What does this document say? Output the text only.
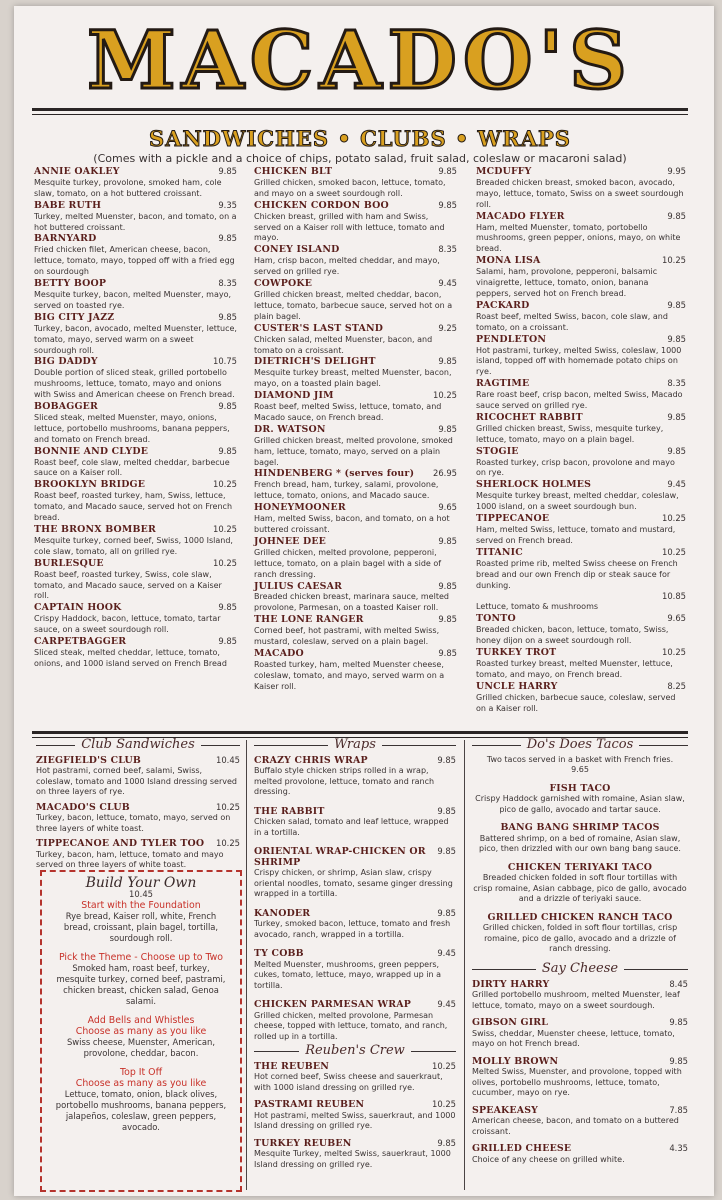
MACADO'S
SANDWICHES • CLUBS • WRAPS
(Comes with a pickle and a choice of chips, potato salad, fruit salad, coleslaw or macaroni salad)
ANNIE OAKLEY	9.85
Mesquite turkey, provolone, smoked ham, cole slaw, tomato, on a hot buttered croissant.
BABE RUTH	9.35
Turkey, melted Muenster, bacon, and tomato, on a hot buttered croissant.
BARNYARD	9.85
Fried chicken filet, American cheese, bacon, lettuce, tomato, mayo, topped off with a fried egg on sourdough
BETTY BOOP	8.35
Mesquite turkey, bacon, melted Muenster, mayo, served on toasted rye.
BIG CITY JAZZ	9.85
Turkey, bacon, avocado, melted Muenster, lettuce, tomato, mayo, served warm on a sweet sourdough roll.
BIG DADDY	10.75
Double portion of sliced steak, grilled portobello mushrooms, lettuce, tomato, mayo and onions with Swiss and American cheese on French bread.
BOBAGGER	9.85
Sliced steak, melted Muenster, mayo, onions, lettuce, portobello mushrooms, banana peppers, and tomato on French bread.
BONNIE AND CLYDE	9.85
Roast beef, cole slaw, melted cheddar, barbecue sauce on a Kaiser roll.
BROOKLYN BRIDGE	10.25
Roast beef, roasted turkey, ham, Swiss, lettuce, tomato, and Macado sauce, served hot on French bread.
THE BRONX BOMBER	10.25
Mesquite turkey, corned beef, Swiss, 1000 Island, cole slaw, tomato, all on grilled rye.
BURLESQUE	10.25
Roast beef, roasted turkey, Swiss, cole slaw, tomato, and Macado sauce, served on a Kaiser roll.
CAPTAIN HOOK	9.85
Crispy Haddock, bacon, lettuce, tomato, tartar sauce, on a sweet sourdough roll.
CARPETBAGGER	9.85
Sliced steak, melted cheddar, lettuce, tomato, onions, and 1000 island served on French Bread
CHICKEN BLT	9.85
Grilled chicken, smoked bacon, lettuce, tomato, and mayo on a sweet sourdough roll.
CHICKEN CORDON BOO	9.85
Chicken breast, grilled with ham and Swiss, served on a Kaiser roll with lettuce, tomato and mayo.
CONEY ISLAND	8.35
Ham, crisp bacon, melted cheddar, and mayo, served on grilled rye.
COWPOKE	9.45
Grilled chicken breast, melted cheddar, bacon, lettuce, tomato, barbecue sauce, served hot on a plain bagel.
CUSTER'S LAST STAND	9.25
Chicken salad, melted Muenster, bacon, and tomato on a croissant.
DIETRICH'S DELIGHT	9.85
Mesquite turkey breast, melted Muenster, bacon, mayo, on a toasted plain bagel.
DIAMOND JIM	10.25
Roast beef, melted Swiss, lettuce, tomato, and Macado sauce, on French bread.
DR. WATSON	9.85
Grilled chicken breast, melted provolone, smoked ham, lettuce, tomato, mayo, served on a plain bagel.
HINDENBERG * (serves four) 26.95
French bread, ham, turkey, salami, provolone, lettuce, tomato, onions, and Macado sauce.
HONEYMOONER	9.65
Ham, melted Swiss, bacon, and tomato, on a hot buttered croissant.
JOHNEE DEE	9.85
Grilled chicken, melted provolone, pepperoni, lettuce, tomato, on a plain bagel with a side of ranch dressing.
JULIUS CAESAR	9.85
Breaded chicken breast, marinara sauce, melted provolone, Parmesan, on a toasted Kaiser roll.
THE LONE RANGER	9.85
Corned beef, hot pastrami, with melted Swiss, mustard, coleslaw, served on a plain bagel.
MACADO	9.85
Roasted turkey, ham, melted Muenster cheese, coleslaw, tomato, and mayo, served warm on a Kaiser roll.
MCDUFFY	9.95
Breaded chicken breast, smoked bacon, avocado, mayo, lettuce, tomato, Swiss on a sweet sourdough roll.
MACADO FLYER	9.85
Ham, melted Muenster, tomato, portobello mushrooms, green pepper, onions, mayo, on white bread.
MONA LISA	10.25
Salami, ham, provolone, pepperoni, balsamic vinaigrette, lettuce, tomato, onion, banana peppers, served hot on French bread.
PACKARD	9.85
Roast beef, melted Swiss, bacon, cole slaw, and tomato, on a croissant.
PENDLETON	9.85
Hot pastrami, turkey, melted Swiss, coleslaw, 1000 island, topped off with homemade potato chips on rye.
RAGTIME	8.35
Rare roast beef, crisp bacon, melted Swiss, Macado sauce served on grilled rye.
RICOCHET RABBIT	9.85
Grilled chicken breast, Swiss, mesquite turkey, lettuce, tomato, mayo on a plain bagel.
STOGIE	9.85
Roasted turkey, crisp bacon, provolone and mayo on rye.
SHERLOCK HOLMES	9.45
Mesquite turkey breast, melted cheddar, coleslaw, 1000 island, on a sweet sourdough bun.
TIPPECANOE	10.25
Ham, melted Swiss, lettuce, tomato and mustard, served on French bread.
TITANIC	10.25
Roasted prime rib, melted Swiss cheese on French bread and our own French dip or steak sauce for dunking.
10.85
Lettuce, tomato & mushrooms
TONTO	9.65
Breaded chicken, bacon, lettuce, tomato, Swiss, honey dijon on a sweet sourdough roll.
TURKEY TROT	10.25
Roasted turkey breast, melted Muenster, lettuce, tomato, and mayo, on French bread.
UNCLE HARRY	8.25
Grilled chicken, barbecue sauce, coleslaw, served on a Kaiser roll.
Club Sandwiches
ZIEGFIELD'S CLUB	10.45
Hot pastrami, corned beef, salami, Swiss, coleslaw, tomato and 1000 Island dressing served on three layers of rye.
MACADO'S CLUB	10.25
Turkey, bacon, lettuce, tomato, mayo, served on three layers of white toast.
TIPPECANOE AND TYLER TOO 10.25
Turkey, bacon, ham, lettuce, tomato and mayo served on three layers of white toast.
Build Your Own
10.45
Start with the Foundation
Rye bread, Kaiser roll, white, French bread, croissant, plain bagel, tortilla, sourdough roll.
Pick the Theme - Choose up to Two
Smoked ham, roast beef, turkey, mesquite turkey, corned beef, pastrami, chicken breast, chicken salad, Genoa salami.
Add Bells and Whistles
Choose as many as you like
Swiss cheese, Muenster, American, provolone, cheddar, bacon.
Top It Off
Choose as many as you like
Lettuce, tomato, onion, black olives, portobello mushrooms, banana peppers, jalapeños, coleslaw, green peppers, avocado.
Wraps
CRAZY CHRIS WRAP	9.85
Buffalo style chicken strips rolled in a wrap, melted provolone, lettuce, tomato and ranch dressing.
THE RABBIT	9.85
Chicken salad, tomato and leaf lettuce, wrapped in a tortilla.
ORIENTAL WRAP-CHICKEN OR SHRIMP
9.85
Crispy chicken, or shrimp, Asian slaw, crispy oriental noodles, tomato, sesame ginger dressing wrapped in a tortilla.
KANODER	9.85
Turkey, smoked bacon, lettuce, tomato and fresh avocado, ranch, wrapped in a tortilla.
TY COBB	9.45
Melted Muenster, mushrooms, green peppers, cukes, tomato, lettuce, mayo, wrapped up in a tortilla.
CHICKEN PARMESAN WRAP	9.45
Grilled chicken, melted provolone, Parmesan cheese, topped with lettuce, tomato, and ranch, rolled up in a tortilla.
Reuben's Crew
THE REUBEN	10.25
Hot corned beef, Swiss cheese and sauerkraut, with 1000 island dressing on grilled rye.
PASTRAMI REUBEN	10.25
Hot pastrami, melted Swiss, sauerkraut, and 1000 Island dressing on grilled rye.
TURKEY REUBEN	9.85
Mesquite Turkey, melted Swiss, sauerkraut, 1000 Island dressing on grilled rye.
Do's Does Tacos
Two tacos served in a basket with French fries.
9.65
FISH TACO
Crispy Haddock garnished with romaine, Asian slaw, pico de gallo, avocado and tartar sauce.
BANG BANG SHRIMP TACOS
Battered shrimp, on a bed of romaine, Asian slaw, pico, then drizzled with our own bang bang sauce.
CHICKEN TERIYAKI TACO
Breaded chicken folded in soft flour tortillas with crisp romaine, Asian cabbage, pico de gallo, avocado and a drizzle of teriyaki sauce.
GRILLED CHICKEN RANCH TACO
Grilled chicken, folded in soft flour tortillas, crisp romaine, pico de gallo, avocado and a drizzle of ranch dressing.
Say Cheese
DIRTY HARRY	8.45
Grilled portobello mushroom, melted Muenster, leaf lettuce, tomato, mayo on a sweet sourdough.
GIBSON GIRL	9.85
Swiss, cheddar, Muenster cheese, lettuce, tomato, mayo on hot French bread.
MOLLY BROWN	9.85
Melted Swiss, Muenster, and provolone, topped with olives, portobello mushrooms, lettuce, tomato, cucumber, mayo on rye.
SPEAKEASY	7.85
American cheese, bacon, and tomato on a buttered croissant.
GRILLED CHEESE	4.35
Choice of any cheese on grilled white.
